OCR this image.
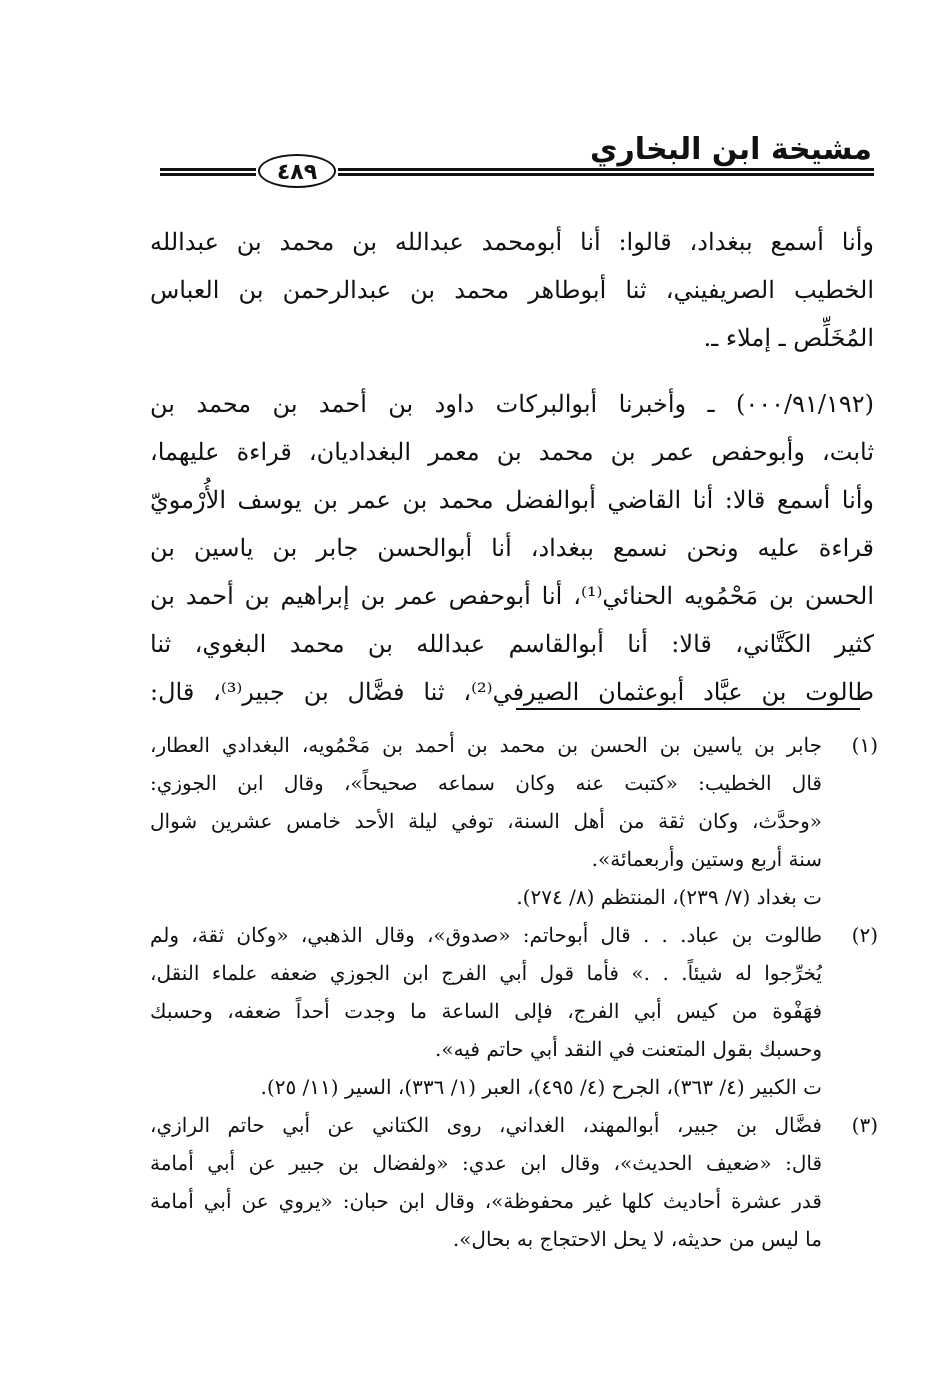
مشيخة ابن البخاري
٤٨٩
وأنا أسمع ببغداد، قالوا: أنا أبومحمد عبدالله بن محمد بن عبدالله
الخطيب الصريفيني، ثنا أبوطاهر محمد بن عبدالرحمن بن العباس
المُخَلِّص ـ إملاء ـ.
(٠٠٠/٩١/١٩٢) ـ وأخبرنا أبوالبركات داود بن أحمد بن محمد بن
ثابت، وأبوحفص عمر بن محمد بن معمر البغداديان، قراءة عليهما،
وأنا أسمع قالا: أنا القاضي أبوالفضل محمد بن عمر بن يوسف الأُرْمويّ
قراءة عليه ونحن نسمع ببغداد، أنا أبوالحسن جابر بن ياسين بن
الحسن بن مَحْمُويه الحنائي⁽¹⁾، أنا أبوحفص عمر بن إبراهيم بن أحمد بن
كثير الكَتَّاني، قالا: أنا أبوالقاسم عبدالله بن محمد البغوي، ثنا
طالوت بن عبَّاد أبوعثمان الصيرفي⁽²⁾، ثنا فضَّال بن جبير⁽³⁾، قال:
(١)
جابر بن ياسين بن الحسن بن محمد بن أحمد بن مَحْمُويه، البغدادي العطار،
قال الخطيب: «كتبت عنه وكان سماعه صحيحاً»، وقال ابن الجوزي:
«وحدَّث، وكان ثقة من أهل السنة، توفي ليلة الأحد خامس عشرين شوال
سنة أربع وستين وأربعمائة».
ت بغداد (٧/ ٢٣٩)، المنتظم (٨/ ٢٧٤).
(٢)
طالوت بن عباد. . . قال أبوحاتم: «صدوق»، وقال الذهبي، «وكان ثقة، ولم
يُخرِّجوا له شيئاً. . .» فأما قول أبي الفرج ابن الجوزي ضعفه علماء النقل،
فهَفْوة من كيس أبي الفرج، فإلى الساعة ما وجدت أحداً ضعفه، وحسبك
وحسبك بقول المتعنت في النقد أبي حاتم فيه».
ت الكبير (٤/ ٣٦٣)، الجرح (٤/ ٤٩٥)، العبر (١/ ٣٣٦)، السير (١١/ ٢٥).
(٣)
فضَّال بن جبير، أبوالمهند، الغداني، روى الكتاني عن أبي حاتم الرازي،
قال: «ضعيف الحديث»، وقال ابن عدي: «ولفضال بن جبير عن أبي أمامة
قدر عشرة أحاديث كلها غير محفوظة»، وقال ابن حبان: «يروي عن أبي أمامة
ما ليس من حديثه، لا يحل الاحتجاج به بحال».
